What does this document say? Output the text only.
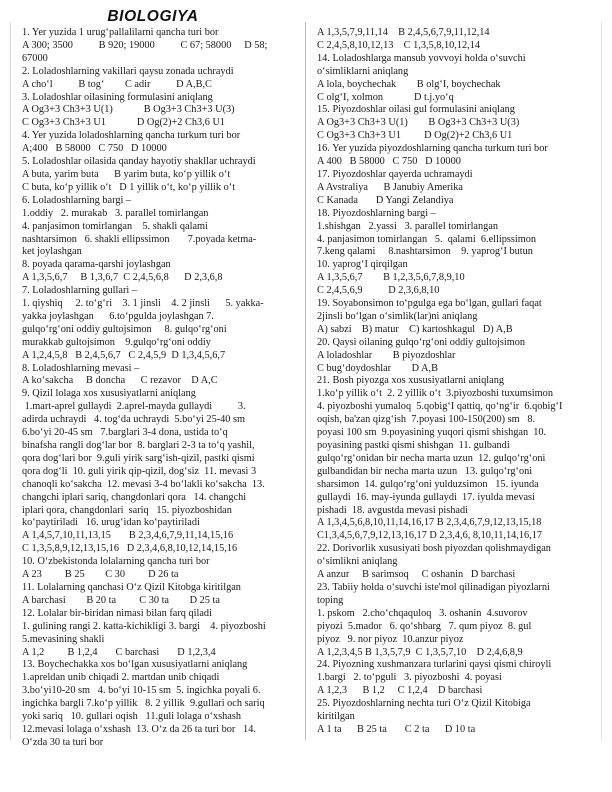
BIOLOGIYA
1. Yer yuzida 1 urugʻpallalilarni qancha turi bor
A 300; 3500          B 920; 19000          C 67; 58000     D 58;
67000
2. Loladoshlarning vakillari qaysu zonada uchraydi
A choʻl          B togʻ        C adir          D A,B,C
3. Loladoshlar oilasining formulasini aniqlang
A Og3+3 Ch3+3 U(1)            B Og3+3 Ch3+3 U(3)
C Og3+3 Ch3+3 U1            D Og(2)+2 Ch3,6 U1
4. Yer yuzida loladoshlarning qancha turkum turi bor
A;400   B 58000   C 750   D 10000
5. Loladoshlar oilasida qanday hayotiy shakllar uchraydi
A buta, yarim buta      B yarim buta, koʻp yillik oʻt
C buta, koʻp yillik oʻt   D 1 yillik oʻt, koʻp yillik oʻt
6. Loladoshlarning bargi –
1.oddiy   2. murakab   3. parallel tomirlangan
4. panjasimon tomirlangan    5. shakli qalami
nashtarsimon   6. shakli ellipssimon       7.poyada ketma-
ket joylashgan
8. poyada qarama-qarshi joylashgan
A 1,3,5,6,7     B 1,3,6,7  C 2,4,5,6,8      D 2,3,6,8
7. Loladoshlarning gullari –
1. qiyshiq     2. toʻgʻri    3. 1 jinsli    4. 2 jinsli      5. yakka-
yakka joylashgan      6.toʻpgulda joylashgan 7.
gulqoʻrgʻoni oddiy gultojsimon     8. gulqoʻrgʻoni
murakkab gultojsimon    9.gulqoʻrgʻoni oddiy
A 1,2,4,5,8   B 2,4,5,6,7   C 2,4,5,9  D 1,3,4,5,6,7
8. Loladoshlarning mevasi –
A koʻsakcha     B doncha      C rezavor    D A,C
9. Qizil lolaga xos xususiyatlarni aniqlang
1.mart-aprel gullaydi  2.aprel-mayda gullaydi          3.
adirda uchraydi   4. togʻda uchraydi  5.boʻyi 25-40 sm
6.boʻyi 20-45 sm   7.barglari 3-4 dona, ustida toʻq
binafsha rangli dogʻlar bor  8. barglari 2-3 ta toʻq yashil,
qora dogʻlari bor  9.guli yirik sargʻish-qizil, pastki qismi
qora dogʻli  10. guli yirik qip-qizil, dogʻsiz  11. mevasi 3
chanoqli koʻsakcha  12. mevasi 3-4 boʻlakli koʻsakcha  13.
changchi iplari sariq, changdonlari qora   14. changchi
iplari qora, changdonlari  sariq   15. piyozboshidan
koʻpaytiriladi   16. urugʻidan koʻpaytiriladi
A 1,4,5,7,10,11,13,15       B 2,3,4,6,7,9,11,14,15,16
C 1,3,5,8,9,12,13,15,16   D 2,3,4,6,8,10,12,14,15,16
10. Oʻzbekistonda lolalarning qancha turi bor
A 23         B 25        C 30         D 26 ta
11. Lolalarning qanchasi Oʻz Qizil Kitobga kiritilgan
A barchasi        B 20 ta         C 30 ta        D 25 ta
12. Lolalar bir-biridan nimasi bilan farq qiladi
1. gulining rangi 2. katta-kichikligi 3. bargi    4. piyozboshi
5.mevasining shakli
A 1,2         B 1,2,4       C barchasi       D 1,2,3,4
13. Boychechakka xos boʻlgan xususiyatlarni aniqlang
1.apreldan unib chiqadi 2. martdan unib chiqadi
3.boʻyi10-20 sm   4. boʻyi 10-15 sm  5. ingichka poyali 6.
ingichka bargli 7.koʻp yillik   8. 2 yillik  9.gullari och sariq
yoki sariq   10. gullari oqish   11.guli lolaga oʻxshash
12.mevasi lolaga oʻxshash  13. Oʻz da 26 ta turi bor   14.
Oʻzda 30 ta turi bor
A 1,3,5,7,9,11,14    B 2,4,5,6,7,9,11,12,14
C 2,4,5,8,10,12,13    C 1,3,5,8,10,12,14
14. Loladoshlarga mansub yovvoyi holda oʻsuvchi
oʻsimliklarni aniqlang
A lola, boychechak        B olgʻI, boychechak
C olgʻI, xolmon            D t.j.yoʻq
15. Piyozdoshlar oilasi gul formulasini aniqlang
A Og3+3 Ch3+3 U(1)        B Og3+3 Ch3+3 U(3)
C Og3+3 Ch3+3 U1         D Og(2)+2 Ch3,6 U1
16. Yer yuzida piyozdoshlarning qancha turkum turi bor
A 400   B 58000   C 750   D 10000
17. Piyozdoshlar qayerda uchramaydi
A Avstraliya      B Janubiy Amerika
C Kanada       D Yangi Zelandiya
18. Piyozdoshlarning bargi –
1.shishgan   2.yassi   3. parallel tomirlangan
4. panjasimon tomirlangan   5.  qalami  6.ellipssimon
7.keng qalami     8.nashtarsimon    9. yaprogʻI butun
10. yaprogʻI qirqilgan
A 1,3,5,6,7        B 1,2,3,5,6,7,8,9,10
C 2,4,5,6,9          D 2,3,6,8,10
19. Soyabonsimon toʻpgulga ega boʻlgan, gullari faqat
2jinsli boʻlgan oʻsimlik(lar)ni aniqlang
A) sabzi    B) matur    C) kartoshkagul   D) A,B
20. Qaysi oilaning gulqoʻrgʻoni oddiy gultojsimon
A loladoshlar        B piyozdoshlar
C bugʻdoydoshlar        D A,B
21. Bosh piyozga xos xususiyatlarni aniqlang
1.koʻp yillik oʻt  2. 2 yillik oʻt  3.piyozboshi tuxumsimon
4. piyozboshi yumaloq  5.qobigʻI qattiq, qoʻngʻir  6.qobigʻI
oqish, ba'zan qizgʻish  7.poyasi 100-150(200) sm   8.
poyasi 100 sm  9.poyasining yuqori qismi shishgan  10.
poyasining pastki qismi shishgan  11. gulbandi
gulqoʻrgʻonidan bir necha marta uzun  12. gulqoʻrgʻoni
gulbandidan bir necha marta uzun   13. gulqoʻrgʻoni
sharsimon  14. gulqoʻrgʻoni yulduzsimon   15. iyunda
gullaydi  16. may-iyunda gullaydi  17. iyulda mevasi
pishadi  18. avgustda mevasi pishadi
A 1,3,4,5,6,8,10,11,14,16,17 B 2,3,4,6,7,9,12,13,15,18
C1,3,4,5,6,7,9,12,13,16,17 D 2,3,4,6, 8,10,11,14,16,17
22. Dorivorlik xususiyati bosh piyozdan qolishmaydigan
oʻsimlikni aniqlang
A anzur     B sarimsoq     C oshanin   D barchasi
23. Tabiiy holda oʻsuvchi iste'mol qilinadigan piyozlarni
toping
1. pskom   2.choʻchqaquloq   3. oshanin  4.suvorov
piyozi  5.mador   6. qoʻshbarg   7. qum piyoz  8. gul
piyoz   9. nor piyoz  10.anzur piyoz
A 1,2,3,4,5 B 1,3,5,7,9  C 1,3,5,7,10    D 2,4,6,8,9
24. Piyozning xushmanzara turlarini qaysi qismi chiroyli
1.bargi   2. toʻpguli   3. piyozboshi  4. poyasi
A 1,2,3      B 1,2     C 1,2,4    D barchasi
25. Piyozdoshlarning nechta turi Oʻz Qizil Kitobiga
kiritilgan
A 1 ta      B 25 ta       C 2 ta      D 10 ta
